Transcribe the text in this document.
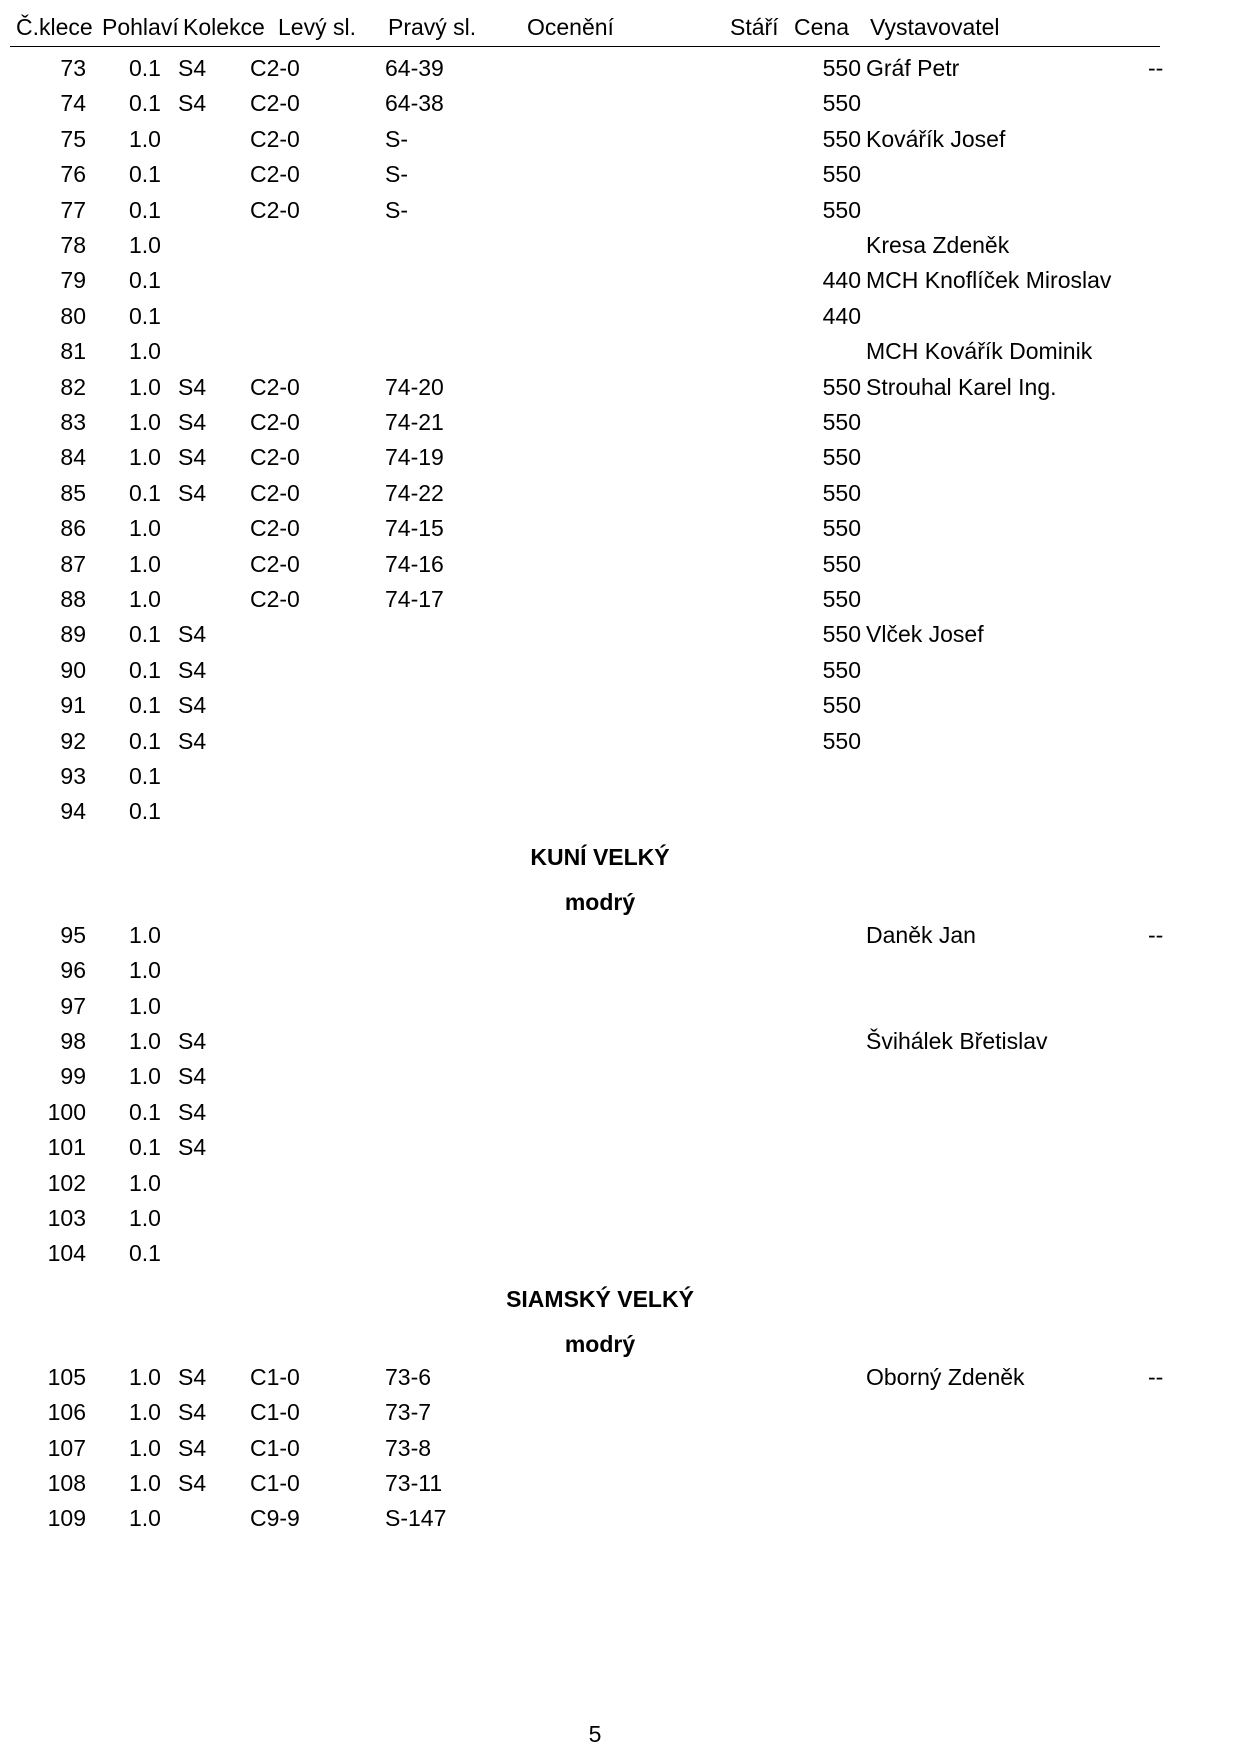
Č.klece Pohlaví Kolekce Levý sl. Pravý sl. Ocenění	Stáří Cena Vystavovatel
73 0.1 S4 C2-0	64-39	550 Gráf Petr	--
74 0.1 S4 C2-0	64-38	550
75 1.0	C2-0	S-	550 Kovářík Josef
76 0.1	C2-0	S-	550
77 0.1	C2-0	S-	550
78 1.0	Kresa Zdeněk
79 0.1	440 MCH Knoflíček Miroslav
80 0.1	440
81 1.0	MCH Kovářík Dominik
82 1.0 S4 C2-0	74-20	550 Strouhal Karel Ing.
83 1.0 S4 C2-0	74-21	550
84 1.0 S4 C2-0	74-19	550
85 0.1 S4 C2-0	74-22	550
86 1.0	C2-0	74-15	550
87 1.0	C2-0	74-16	550
88 1.0	C2-0	74-17	550
89 0.1 S4	550 Vlček Josef
90 0.1 S4	550
91 0.1 S4	550
92 0.1 S4	550
93 0.1
94 0.1
KUNÍ VELKÝ
modrý
95 1.0	Daněk Jan	--
96 1.0
97 1.0
98 1.0 S4	Švihálek Břetislav
99 1.0 S4
100 0.1 S4
101 0.1 S4
102 1.0
103 1.0
104 0.1
SIAMSKÝ VELKÝ
modrý
105 1.0 S4 C1-0	73-6	Oborný Zdeněk	--
106 1.0 S4 C1-0	73-7
107 1.0 S4 C1-0	73-8
108 1.0 S4 C1-0	73-11
109 1.0	C9-9	S-147
5
